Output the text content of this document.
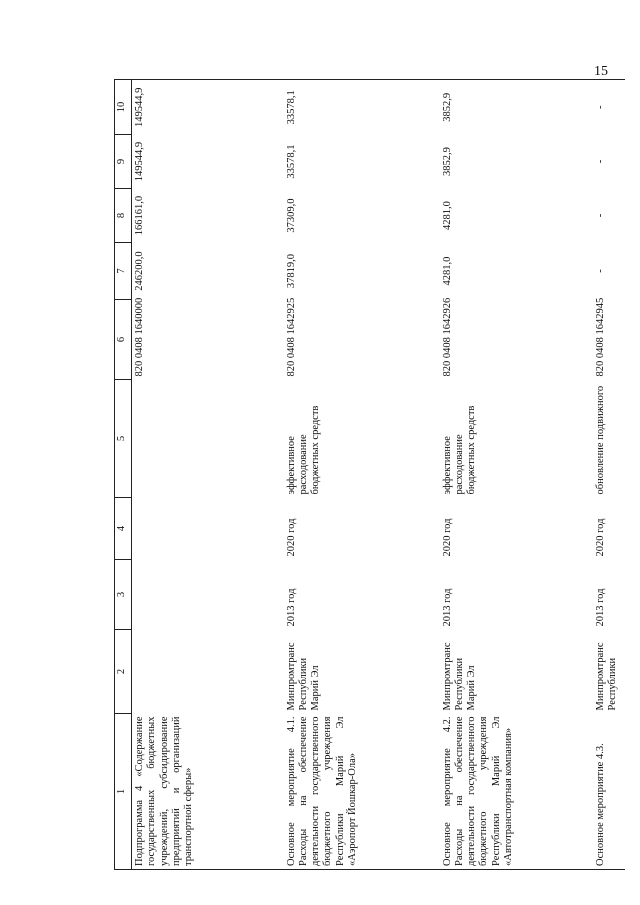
15
1	2	3	4	5	6	7	8	9	10
Подпрограмма 4 «Содержание государственных бюджетных учреждений, субсидирование предприятий и организаций транспортной сферы»					820 0408 1640000	246200,0	166161,0	149544,9	149544,9
Основное мероприятие 4.1. Расходы на обеспечение деятельности государственного бюджетного учреждения Республики Марий Эл «Аэропорт Йошкар-Ола»	Минпромтранс Республики Марий Эл	2013 год	2020 год	эффективное расходование бюджетных средств	820 0408 1642925	37819,0	37309,0	33578,1	33578,1
Основное мероприятие 4.2. Расходы на обеспечение деятельности государственного бюджетного учреждения Республики Марий Эл «Автотранспортная компания»	Минпромтранс Республики Марий Эл	2013 год	2020 год	эффективное расходование бюджетных средств	820 0408 1642926	4281,0	4281,0	3852,9	3852,9
Основное мероприятие 4.3.	Минпромтранс Республики	2013 год	2020 год	обновление подвижного	820 0408 1642945	-	-	-	-
